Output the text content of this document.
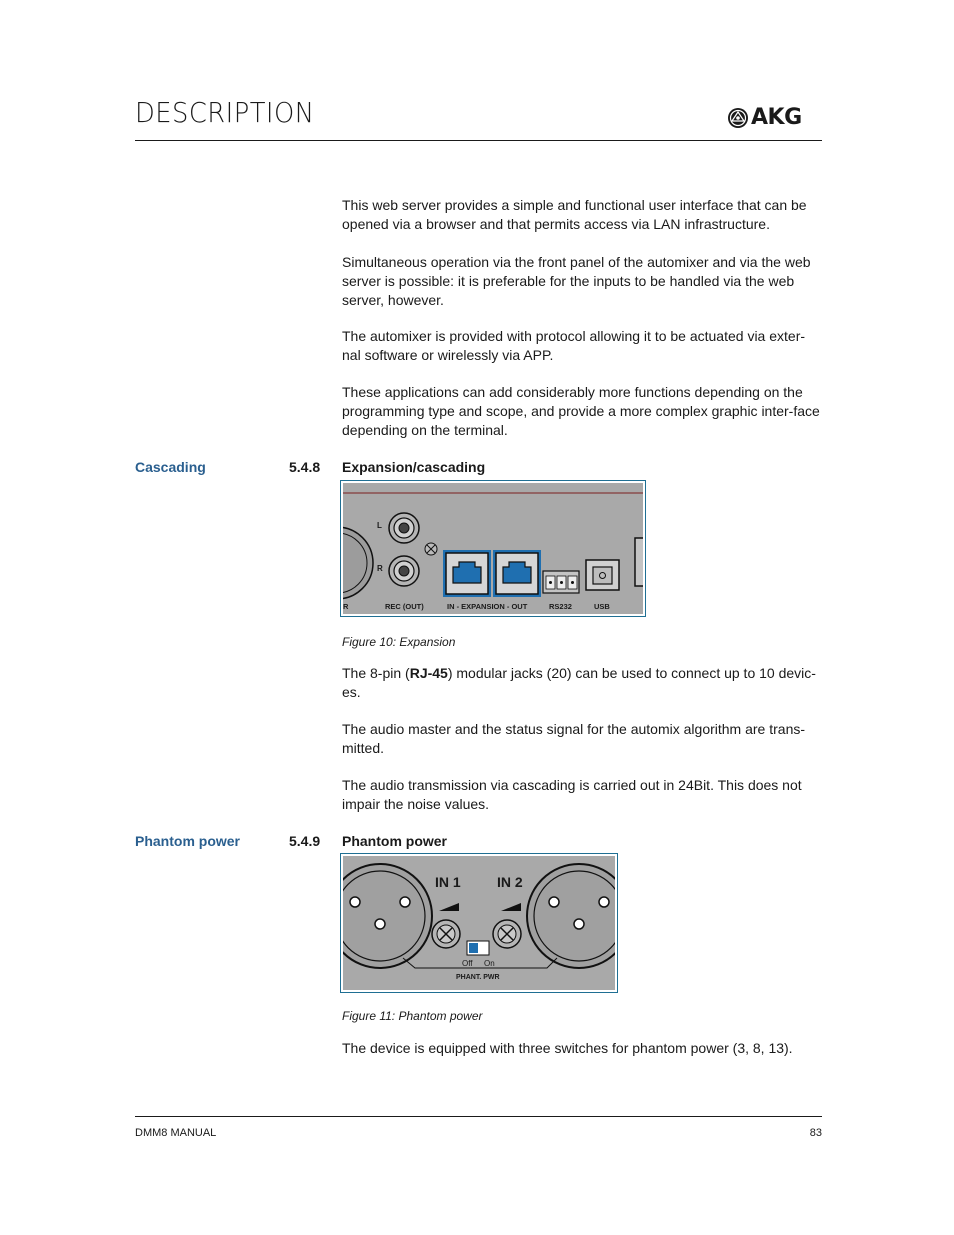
DESCRIPTION	AKG

This web server provides a simple and functional user interface that can be opened via a browser and that permits access via LAN infrastructure.

Simultaneous operation via the front panel of the automixer and via the web server is possible: it is preferable for the inputs to be handled via the web server, however.

The automixer is provided with protocol allowing it to be actuated via exter-nal software or wirelessly via APP.

These applications can add considerably more functions depending on the programming type and scope, and provide a more complex graphic inter-face depending on the terminal.

Cascading	5.4.8 Expansion/cascading
L
R
R	REC (OUT)	IN - EXPANSION - OUT	RS232	USB
Figure 10: Expansion

The 8-pin (RJ-45) modular jacks (20) can be used to connect up to 10 devic-es.

The audio master and the status signal for the automix algorithm are trans-mitted.

The audio transmission via cascading is carried out in 24Bit. This does not impair the noise values.

Phantom power	5.4.9 Phantom power
IN 1	IN 2
Off On
PHANT. PWR
Figure 11: Phantom power

The device is equipped with three switches for phantom power (3, 8, 13).

DMM8 MANUAL	83
